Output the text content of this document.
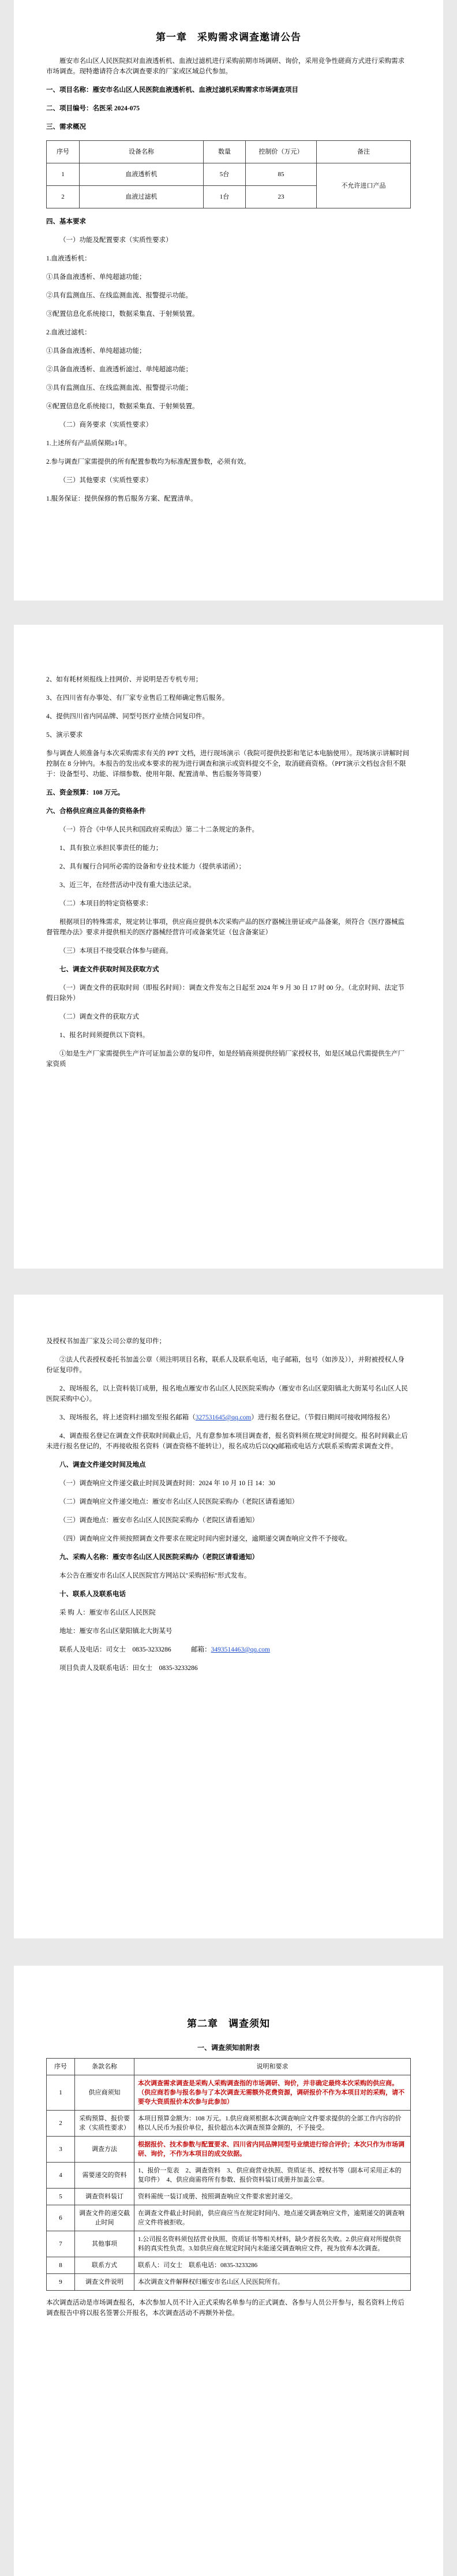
第一章　采购需求调查邀请公告

雁安市名山区人民医院拟对血液透析机、血液过滤机进行采购前期市场调研、询价，采用竞争性磋商方式进行采购需求市场调查。现特邀请符合本次调查要求的厂家或区域总代参加。

一、项目名称：雁安市名山区人民医院血液透析机、血液过滤机采购需求市场调查项目

二、项目编号：名医采 2024-075

三、需求概况

序号	设备名称	数量	控制价（万元）	备注
1	血液透析机	5台	85	不允许进口产品
2	血液过滤机	1台	23	

四、基本要求

（一）功能及配置要求（实质性要求）

1.血液透析机：

①具备血液透析、单纯超滤功能；

②具有监测血压、在线监测血流、报警提示功能。

③配置信息化系统接口，数据采集直、于射频装置。

2.血液过滤机：

①具备血液透析、单纯超滤功能；

②具备血液透析、血液透析滤过、单纯超滤功能；

③具有监测血压、在线监测血流、报警提示功能；

④配置信息化系统接口，数据采集直、于射频装置。

（二）商务要求（实质性要求）

1.上述所有产品质保期≥1年。

2.参与调查厂家需提供的所有配置参数均为标准配置参数，必须有效。

（三）其他要求（实质性要求）

1.服务保证：提供保修的售后服务方案、配置清单。

2、如有耗材须报线上挂网价、并说明是否专机专用；

3、在四川省有办事处、有厂家专业售后工程师确定售后服务。

4、提供四川省内同品牌、同型号医疗业绩合同复印件。

5、演示要求

参与调查人须准备与本次采购需求有关的 PPT 文档，进行现场演示（我院可提供投影和笔记本电脑使用）。现场演示讲解时间控制在 8 分钟内。本报告的发出或本要求的视为进行调查和演示或资料提交不全，取消磋商资格。（PPT演示文档包含但不限于：设备型号、功能、详细参数、使用年限、配置清单、售后服务等简要）

五、资金预算：108 万元。

六、合格供应商应具备的资格条件

（一）符合《中华人民共和国政府采购法》第二十二条规定的条件。

1、具有独立承担民事责任的能力；

2、具有履行合同所必需的设备和专业技术能力（提供承诺函）；

3、近三年，在经营活动中没有重大违法记录。

（二）本项目的特定资格要求：

根据项目的特殊需求，规定转让事項，供应商应提供本次采购产品的医疗器械注册证或产品备案，须符合《医疗器械监督管理办法》要求并提供相关的医疗器械经营许可或备案凭证（包含备案证）

（三）本项目不接受联合体参与磋商。

七、调查文件获取时间及获取方式

（一）调查文件的获取时间（即报名时间）：调查文件发布之日起至 2024 年 9 月 30 日 17 时 00 分。（北京时间、法定节假日除外）

（二）调查文件的获取方式

1、报名时间须提供以下资料。

①如是生产厂家需提供生产许可证加盖公章的复印件，如是经销商须提供经销厂家授权书，如是区域总代需提供生产厂家资质

及授权书加盖厂家及公司公章的复印件；

②法人代表授权委托书加盖公章（须注明项目名称，联系人及联系电话，电子邮箱，包号（如涉及）），并附被授权人身份证复印件。

2、现场报名，以上资料装订成册，报名地点雁安市名山区人民医院采购办（雁安市名山区蒙阳镇北大街某号名山区人民医院采购中心）。

3、现场报名，将上述资料扫描发至报名邮箱（327531645@qq.com）进行报名登记。（节假日期间可接收网络报名）

4、调查报名登记在调查文件获取时间截止后，凡有意参加本项目调查者，报名资料须在规定时间提交。报名时间截止后未进行报名登记的，不再接收报名资料（调查资格不能转让），报名成功后以QQ邮箱或电话方式联系采购需求调查文件。

八、调查文件递交时间及地点

（一）调查响应文件递交截止时间及调查时间：2024 年 10 月 10 日 14：30

（二）调查响应文件递交地点：雁安市名山区人民医院采购办（老院区请看通知）

（三）调查地点：雁安市名山区人民医院采购办（老院区请看通知）

（四）调查响应文件须按照调查文件要求在规定时间内密封递交，逾期递交调查响应文件不予接收。

九、采购人名称：雁安市名山区人民医院采购办（老院区请看通知）

本公告在雁安市名山区人民医院官方网站以"采购招标"形式发布。

十、联系人及联系电话

采 购 人：雁安市名山区人民医院

地址：雁安市名山区蒙阳镇北大街某号

联系人及电话：司女士　0835-3233286　　　邮箱：3493514463@qq.com

项目负责人及联系电话：田女士　0835-3233286

第二章　调查须知
一、调查须知前附表
序号	条款名称	说明和要求
1	供应商须知	本次调查需求调查是采购人采购调查指的市场调研、询价，并非确定最终本次采购的供应商。（供应商若参与报名参与了本次调查无需额外花费资源，调研报价不作为本项目对的采购，请不要夸大资质报价本次参与此参加）
2	采购预算、报价要求（实质性要求）	本项目预算金额为：108 万元。1.供应商须根据本次调查响应文件要求提供的全部工作内容的价格以人民币为报价单位，报价超出本次调查预算金额的，不予接受。
3	调查方法	根据报价、技术参数与配置要求、四川省内同品牌同型号业绩进行综合评价；本次只作为市场调研、询价，不作为本项目的成交依据。
4	需要递交的资料	1、报价一览表　2、调查资料　3、供应商营业执照、资质证书、授权书等（副本可采用正本的复印件）　4、供应商需将所有参数、报价资料装订成册并加盖公章。
5	调查资料装订	资料需统一装订成册、按照调查响应文件要求密封递交。
6	调查文件的递交截止时间	在调查文件截止时间前，供应商应当在规定时间内、地点递交调查响应文件，逾期递交的调查响应文件将被拒收。
7	其他事项	1.公司报名资料须包括营业执照、资质证书等相关材料，缺少者报名失败。2.供应商对所提供资料的真实性负责。3.如供应商在规定时间内未能递交调查响应文件，视为放弃本次调查。
8	联系方式	联系人：司女士　联系电话：0835-3233286
9	调查文件说明	本次调查文件解释权归雁安市名山区人民医院所有。

本次调查活动是市场调查报名，本次参加人员不计入正式采购名单参与的正式调查、各参与人员公开参与，报名资料上传后调查报告中将以报名签署公开报名，本次调查活动不再额外补偿。
